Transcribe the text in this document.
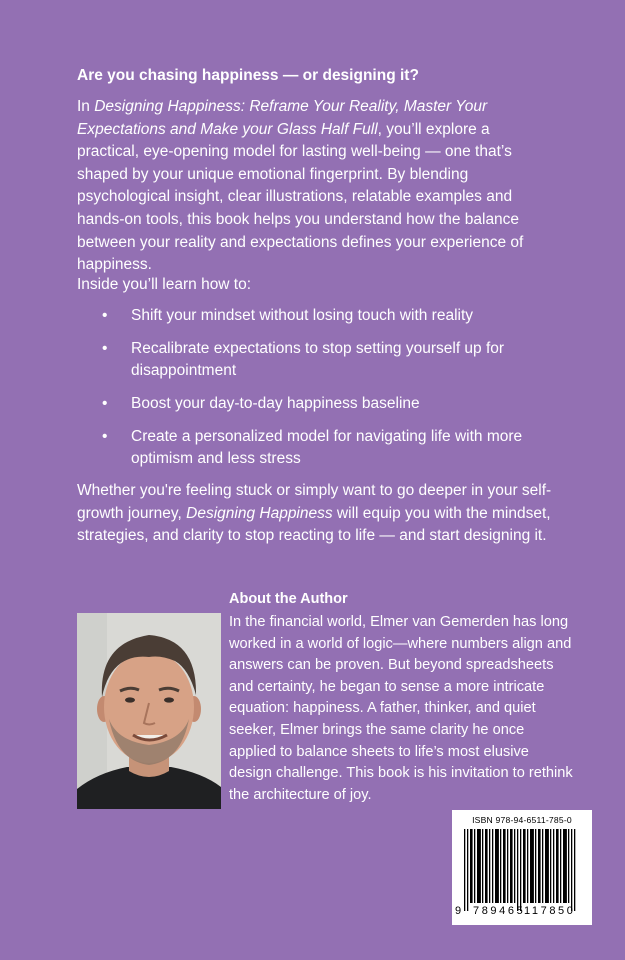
Are you chasing happiness — or designing it?

In Designing Happiness: Reframe Your Reality, Master Your Expectations and Make your Glass Half Full, you’ll explore a practical, eye-opening model for lasting well-being — one that’s shaped by your unique emotional fingerprint. By blending psychological insight, clear illustrations, relatable examples and hands-on tools, this book helps you understand how the balance between your reality and expectations defines your experience of happiness.

Inside you’ll learn how to:

• Shift your mindset without losing touch with reality
• Recalibrate expectations to stop setting yourself up for disappointment
• Boost your day-to-day happiness baseline
• Create a personalized model for navigating life with more optimism and less stress

Whether you're feeling stuck or simply want to go deeper in your self-growth journey, Designing Happiness will equip you with the mindset, strategies, and clarity to stop reacting to life — and start designing it.

About the Author

In the financial world, Elmer van Gemerden has long worked in a world of logic—where numbers align and answers can be proven. But beyond spreadsheets and certainty, he began to sense a more intricate equation: happiness. A father, thinker, and quiet seeker, Elmer brings the same clarity he once applied to balance sheets to life’s most elusive design challenge. This book is his invitation to rethink the architecture of joy.

ISBN 978-94-6511-785-0
9 789465
117850
